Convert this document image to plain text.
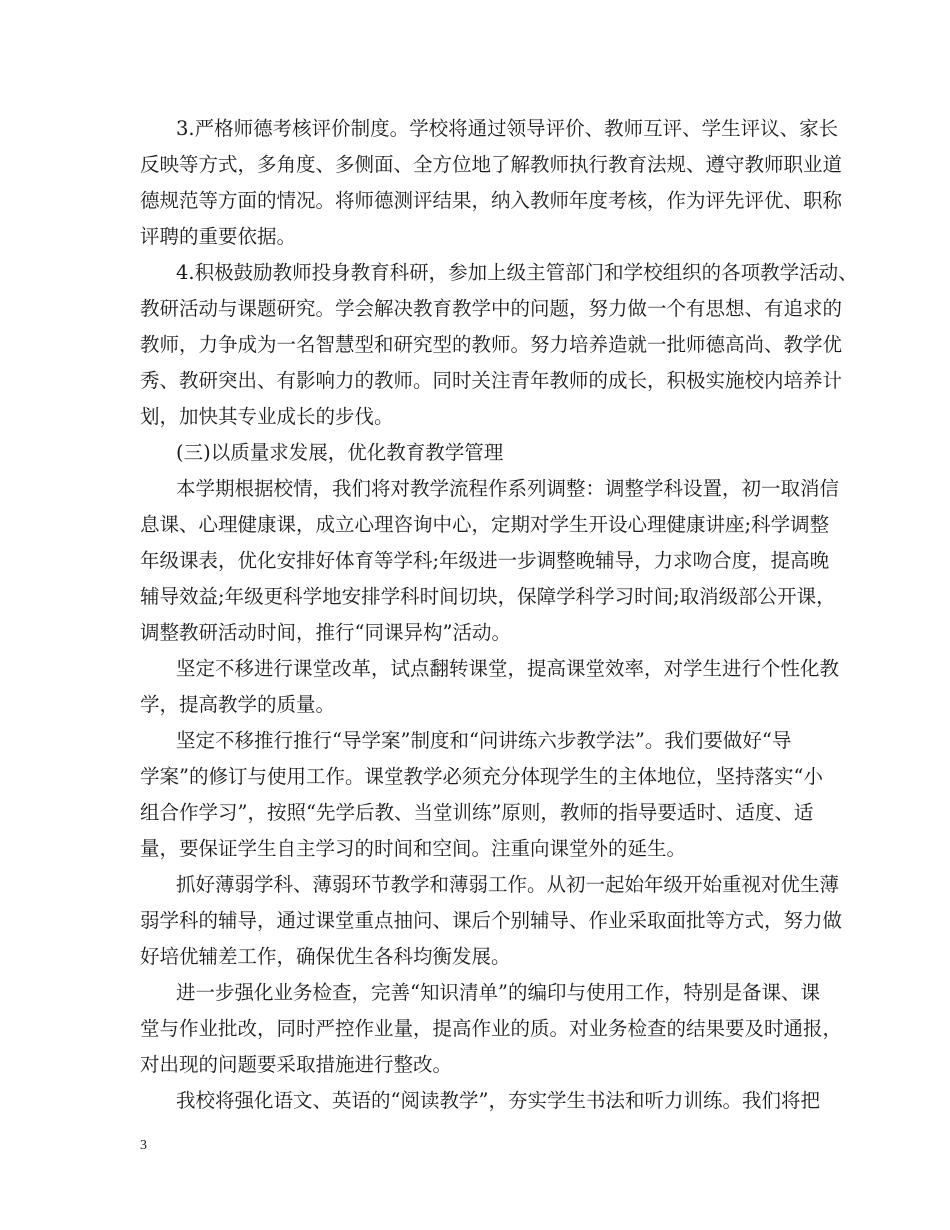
3.严格师德考核评价制度。学校将通过领导评价、教师互评、学生评议、家长
反映等方式，多角度、多侧面、全方位地了解教师执行教育法规、遵守教师职业道
德规范等方面的情况。将师德测评结果，纳入教师年度考核，作为评先评优、职称
评聘的重要依据。
4.积极鼓励教师投身教育科研，参加上级主管部门和学校组织的各项教学活动、
教研活动与课题研究。学会解决教育教学中的问题，努力做一个有思想、有追求的
教师，力争成为一名智慧型和研究型的教师。努力培养造就一批师德高尚、教学优
秀、教研突出、有影响力的教师。同时关注青年教师的成长，积极实施校内培养计
划，加快其专业成长的步伐。
(三)以质量求发展，优化教育教学管理
本学期根据校情，我们将对教学流程作系列调整：调整学科设置，初一取消信
息课、心理健康课，成立心理咨询中心，定期对学生开设心理健康讲座;科学调整
年级课表，优化安排好体育等学科;年级进一步调整晚辅导，力求吻合度，提高晚
辅导效益;年级更科学地安排学科时间切块，保障学科学习时间;取消级部公开课，
调整教研活动时间，推行“同课异构”活动。
坚定不移进行课堂改革，试点翻转课堂，提高课堂效率，对学生进行个性化教
学，提高教学的质量。
坚定不移推行推行“导学案”制度和“问讲练六步教学法”。我们要做好“导
学案”的修订与使用工作。课堂教学必须充分体现学生的主体地位，坚持落实“小
组合作学习”，按照“先学后教、当堂训练”原则，教师的指导要适时、适度、适
量，要保证学生自主学习的时间和空间。注重向课堂外的延生。
抓好薄弱学科、薄弱环节教学和薄弱工作。从初一起始年级开始重视对优生薄
弱学科的辅导，通过课堂重点抽问、课后个别辅导、作业采取面批等方式，努力做
好培优辅差工作，确保优生各科均衡发展。
进一步强化业务检查，完善“知识清单”的编印与使用工作，特别是备课、课
堂与作业批改，同时严控作业量，提高作业的质。对业务检查的结果要及时通报，
对出现的问题要采取措施进行整改。
我校将强化语文、英语的“阅读教学”，夯实学生书法和听力训练。我们将把
3
